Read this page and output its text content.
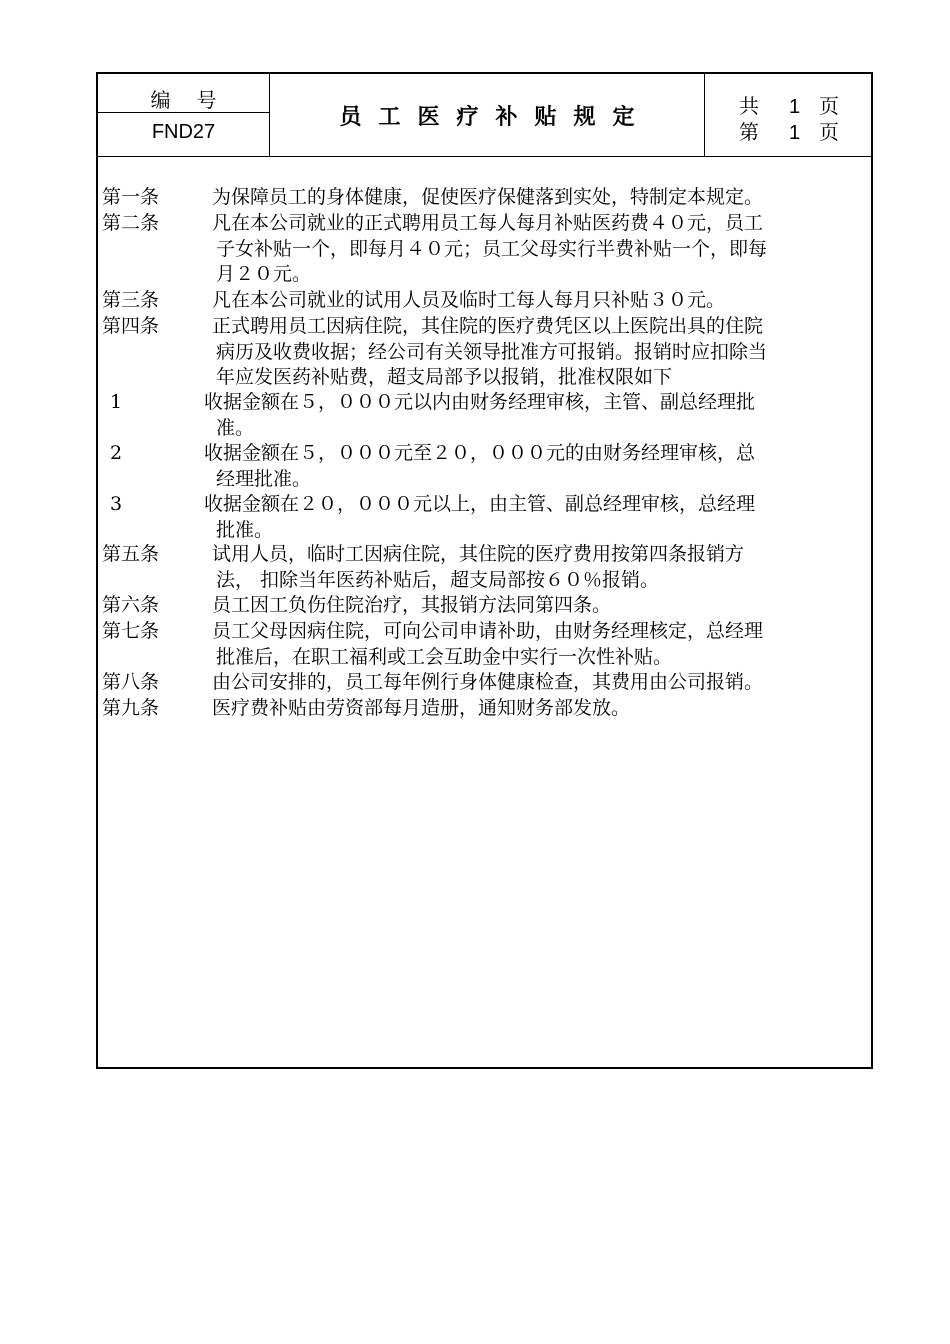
编号
FND27
员工医疗补贴规定	共 1 页
第 1 页
第一条	为保障员工的身体健康，促使医疗保健落到实处，特制定本规定。
第二条	凡在本公司就业的正式聘用员工每人每月补贴医药费４０元，员工
子女补贴一个，即每月４０元；员工父母实行半费补贴一个，即每
月２０元。
第三条	凡在本公司就业的试用人员及临时工每人每月只补贴３０元。
第四条	正式聘用员工因病住院，其住院的医疗费凭区以上医院出具的住院
病历及收费收据；经公司有关领导批准方可报销。报销时应扣除当
年应发医药补贴费，超支局部予以报销，批准权限如下
1	收据金额在５，０００元以内由财务经理审核，主管、副总经理批
准。
2	收据金额在５，０００元至２０，０００元的由财务经理审核，总
经理批准。
3	收据金额在２０，０００元以上，由主管、副总经理审核，总经理
批准。
第五条	试用人员，临时工因病住院，其住院的医疗费用按第四条报销方
法， 扣除当年医药补贴后，超支局部按６０％报销。
第六条	员工因工负伤住院治疗，其报销方法同第四条。
第七条	员工父母因病住院，可向公司申请补助，由财务经理核定，总经理
批准后，在职工福利或工会互助金中实行一次性补贴。
第八条	由公司安排的，员工每年例行身体健康检查，其费用由公司报销。
第九条	医疗费补贴由劳资部每月造册，通知财务部发放。
